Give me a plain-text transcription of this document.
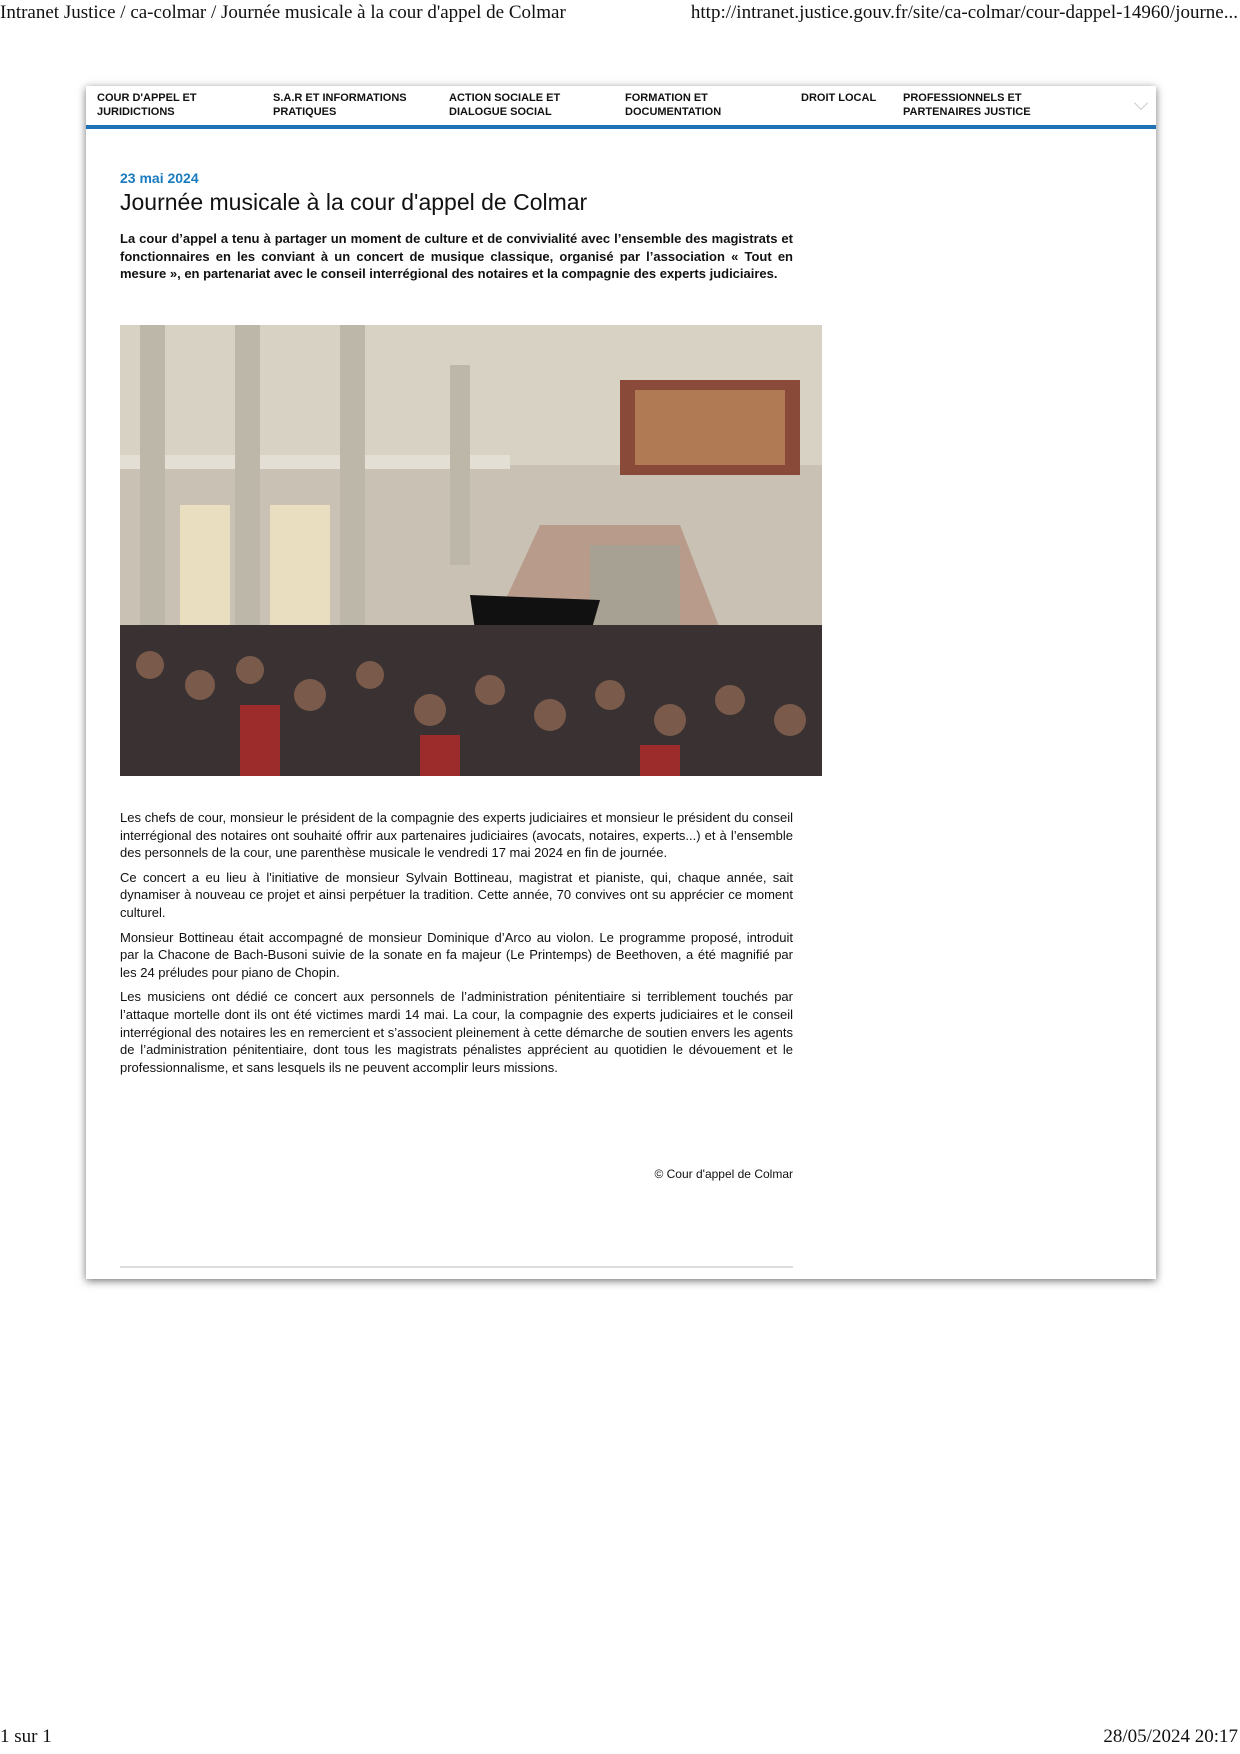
Intranet Justice / ca-colmar / Journée musicale à la cour d'appel de Colmar	http://intranet.justice.gouv.fr/site/ca-colmar/cour-dappel-14960/journe...
COUR D'APPEL ET JURIDICTIONS
S.A.R ET INFORMATIONS PRATIQUES
ACTION SOCIALE ET DIALOGUE SOCIAL
FORMATION ET DOCUMENTATION
DROIT LOCAL	PROFESSIONNELS ET PARTENAIRES JUSTICE
23 mai 2024
Journée musicale à la cour d'appel de Colmar
La cour d’appel a tenu à partager un moment de culture et de convivialité avec l’ensemble des magistrats et fonctionnaires en les conviant à un concert de musique classique, organisé par l’association « Tout en mesure », en partenariat avec le conseil interrégional des notaires et la compagnie des experts judiciaires.

Les chefs de cour, monsieur le président de la compagnie des experts judiciaires et monsieur le président du conseil interrégional des notaires ont souhaité offrir aux partenaires judiciaires (avocats, notaires, experts...) et à l’ensemble des personnels de la cour, une parenthèse musicale le vendredi 17 mai 2024 en fin de journée.

Ce concert a eu lieu à l'initiative de monsieur Sylvain Bottineau, magistrat et pianiste, qui, chaque année, sait dynamiser à nouveau ce projet et ainsi perpétuer la tradition. Cette année, 70 convives ont su apprécier ce moment culturel.

Monsieur Bottineau était accompagné de monsieur Dominique d’Arco au violon. Le programme proposé, introduit par la Chacone de Bach-Busoni suivie de la sonate en fa majeur (Le Printemps) de Beethoven, a été magnifié par les 24 préludes pour piano de Chopin.

Les musiciens ont dédié ce concert aux personnels de l’administration pénitentiaire si terriblement touchés par l’attaque mortelle dont ils ont été victimes mardi 14 mai. La cour, la compagnie des experts judiciaires et le conseil interrégional des notaires les en remercient et s’associent pleinement à cette démarche de soutien envers les agents de l’administration pénitentiaire, dont tous les magistrats pénalistes apprécient au quotidien le dévouement et le professionnalisme, et sans lesquels ils ne peuvent accomplir leurs missions.

© Cour d'appel de Colmar
1 sur 1	28/05/2024 20:17
